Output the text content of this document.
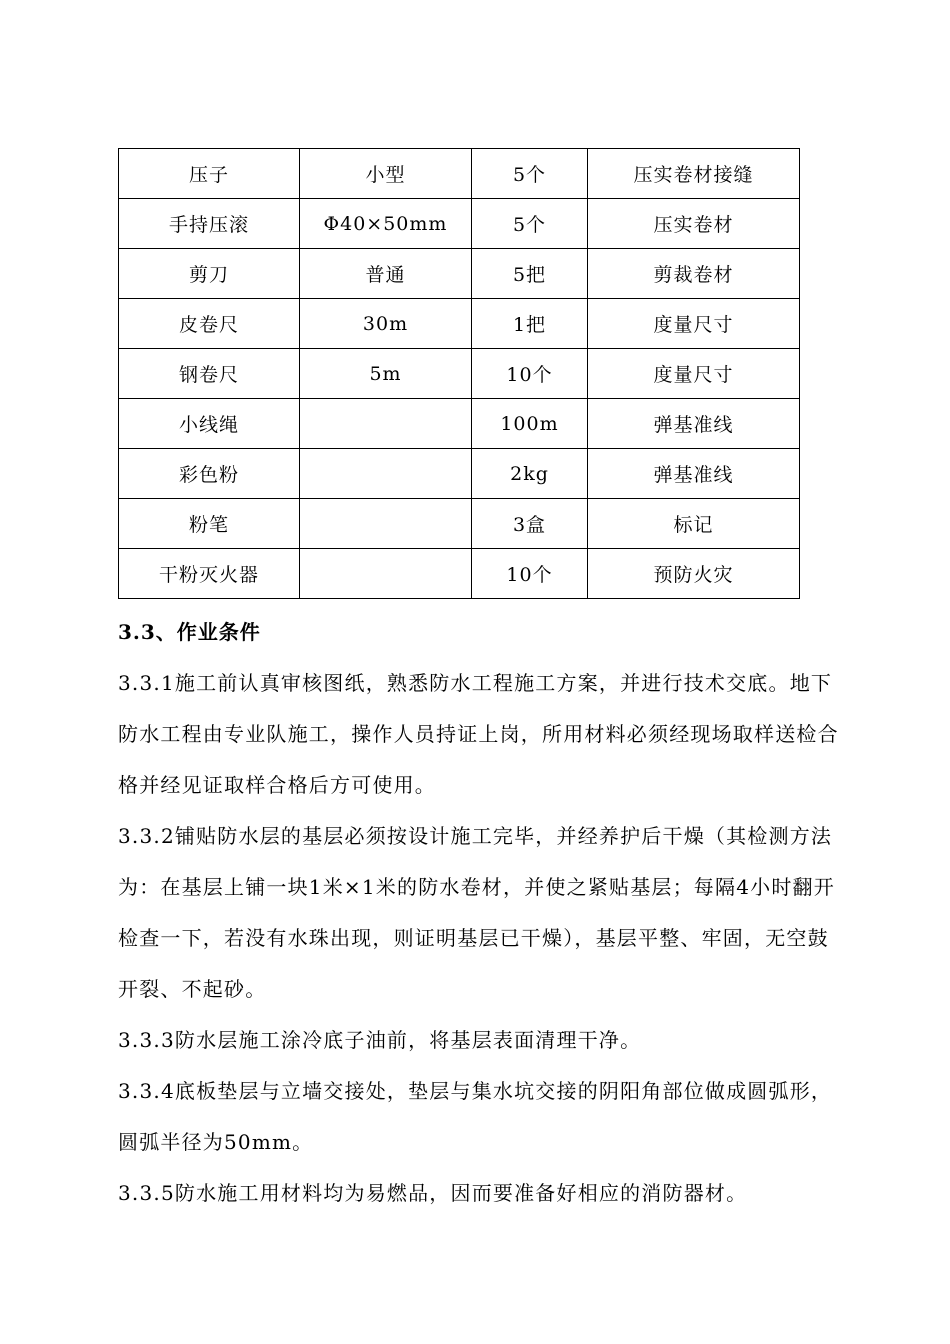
压子	小型	5个	压实卷材接缝
手持压滚	Φ40×50mm	5个	压实卷材
剪刀	普通	5把	剪裁卷材
皮卷尺	30m	1把	度量尺寸
钢卷尺	5m	10个	度量尺寸
小线绳		100m	弹基准线
彩色粉		2kg	弹基准线
粉笔		3盒	标记
干粉灭火器		10个	预防火灾
3.3、作业条件

3.3.1施工前认真审核图纸，熟悉防水工程施工方案，并进行技术交底。地下防水工程由专业队施工，操作人员持证上岗，所用材料必须经现场取样送检合格并经见证取样合格后方可使用。

3.3.2铺贴防水层的基层必须按设计施工完毕，并经养护后干燥（其检测方法为：在基层上铺一块1米×1米的防水卷材，并使之紧贴基层；每隔4小时翻开检查一下，若没有水珠出现，则证明基层已干燥），基层平整、牢固，无空鼓开裂、不起砂。

3.3.3防水层施工涂冷底子油前，将基层表面清理干净。

3.3.4底板垫层与立墙交接处，垫层与集水坑交接的阴阳角部位做成圆弧形，圆弧半径为50mm。

3.3.5防水施工用材料均为易燃品，因而要准备好相应的消防器材。
